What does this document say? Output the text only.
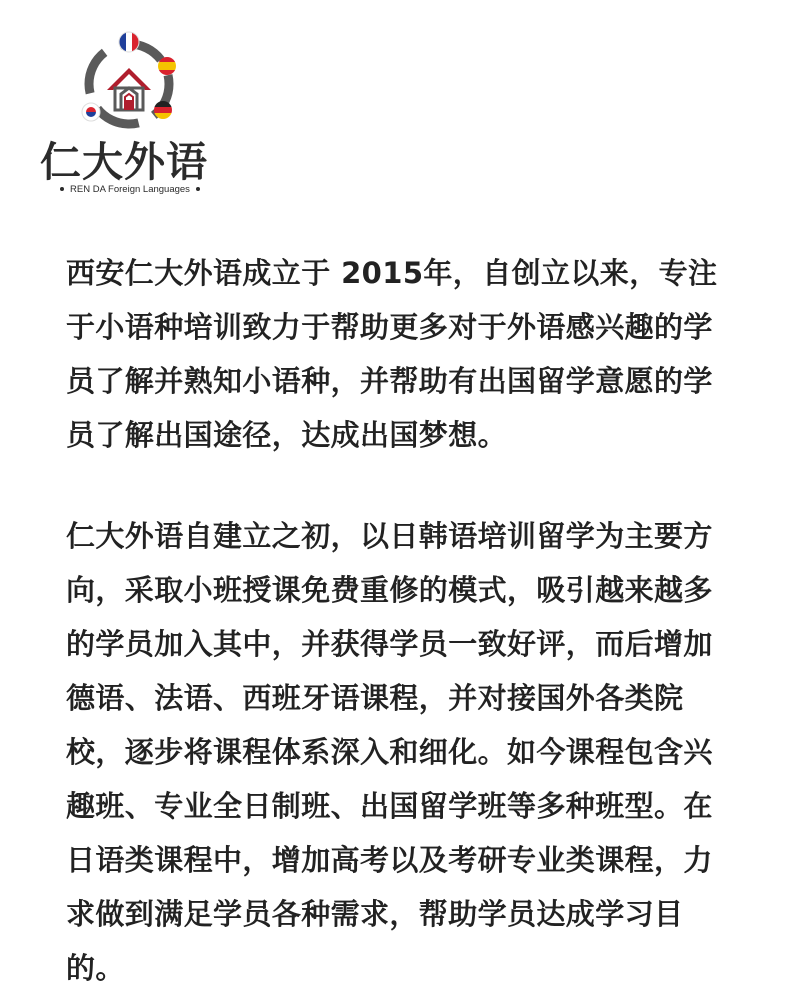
仁大外语
REN DA Foreign Languages

西安仁大外语成立于 2015年，自创立以来，专注于小语种培训致力于帮助更多对于外语感兴趣的学员了解并熟知小语种，并帮助有出国留学意愿的学员了解出国途径，达成出国梦想。

仁大外语自建立之初，以日韩语培训留学为主要方向，采取小班授课免费重修的模式，吸引越来越多的学员加入其中，并获得学员一致好评，而后增加德语、法语、西班牙语课程，并对接国外各类院校，逐步将课程体系深入和细化。如今课程包含兴趣班、专业全日制班、出国留学班等多种班型。在日语类课程中，增加高考以及考研专业类课程，力求做到满足学员各种需求，帮助学员达成学习目的。
